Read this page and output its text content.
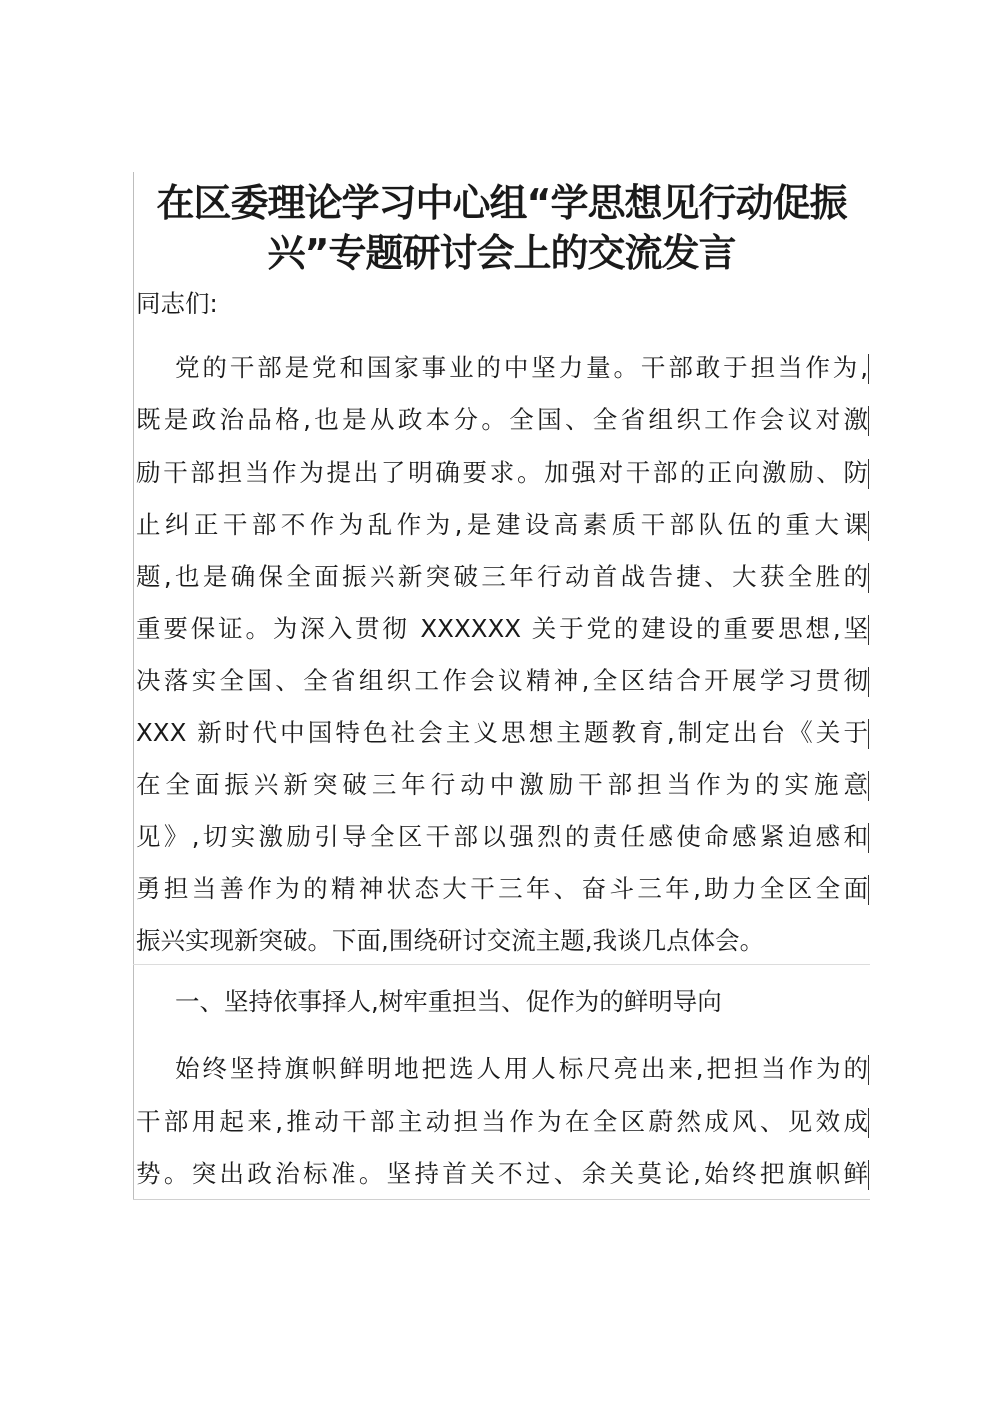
在区委理论学习中心组“学思想见行动促振
兴”专题研讨会上的交流发言
同志们:
党的干部是党和国家事业的中坚力量。干部敢于担当作为,
既是政治品格,也是从政本分。全国、全省组织工作会议对激
励干部担当作为提出了明确要求。加强对干部的正向激励、防
止纠正干部不作为乱作为,是建设高素质干部队伍的重大课
题,也是确保全面振兴新突破三年行动首战告捷、大获全胜的
重要保证。为深入贯彻 XXXXXX 关于党的建设的重要思想,坚
决落实全国、全省组织工作会议精神,全区结合开展学习贯彻
XXX 新时代中国特色社会主义思想主题教育,制定出台《关于
在全面振兴新突破三年行动中激励干部担当作为的实施意
见》,切实激励引导全区干部以强烈的责任感使命感紧迫感和
勇担当善作为的精神状态大干三年、奋斗三年,助力全区全面
振兴实现新突破。下面,围绕研讨交流主题,我谈几点体会。
一、坚持依事择人,树牢重担当、促作为的鲜明导向
始终坚持旗帜鲜明地把选人用人标尺亮出来,把担当作为的
干部用起来,推动干部主动担当作为在全区蔚然成风、见效成
势。突出政治标准。坚持首关不过、余关莫论,始终把旗帜鲜
